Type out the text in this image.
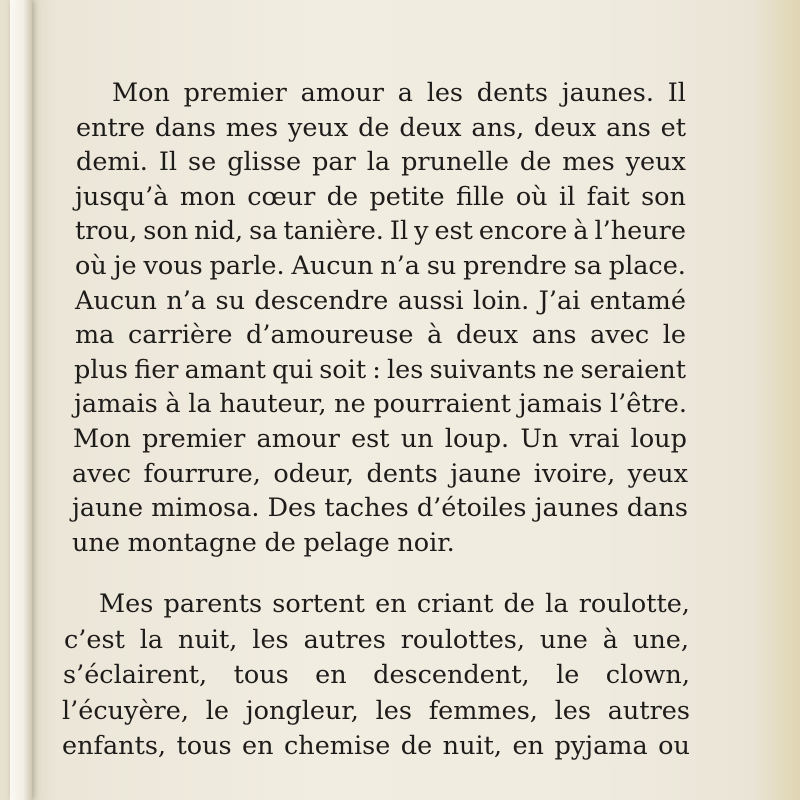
Mon premier amour a les dents jaunes. Il
entre dans mes yeux de deux ans, deux ans et
demi. Il se glisse par la prunelle de mes yeux
jusqu’à mon cœur de petite fille où il fait son
trou, son nid, sa tanière. Il y est encore à l’heure
où je vous parle. Aucun n’a su prendre sa place.
Aucun n’a su descendre aussi loin. J’ai entamé
ma carrière d’amoureuse à deux ans avec le
plus fier amant qui soit : les suivants ne seraient
jamais à la hauteur, ne pourraient jamais l’être.
Mon premier amour est un loup. Un vrai loup
avec fourrure, odeur, dents jaune ivoire, yeux
jaune mimosa. Des taches d’étoiles jaunes dans
une montagne de pelage noir.
Mes parents sortent en criant de la roulotte,
c’est la nuit, les autres roulottes, une à une,
s’éclairent, tous en descendent, le clown,
l’écuyère, le jongleur, les femmes, les autres
enfants, tous en chemise de nuit, en pyjama ou
